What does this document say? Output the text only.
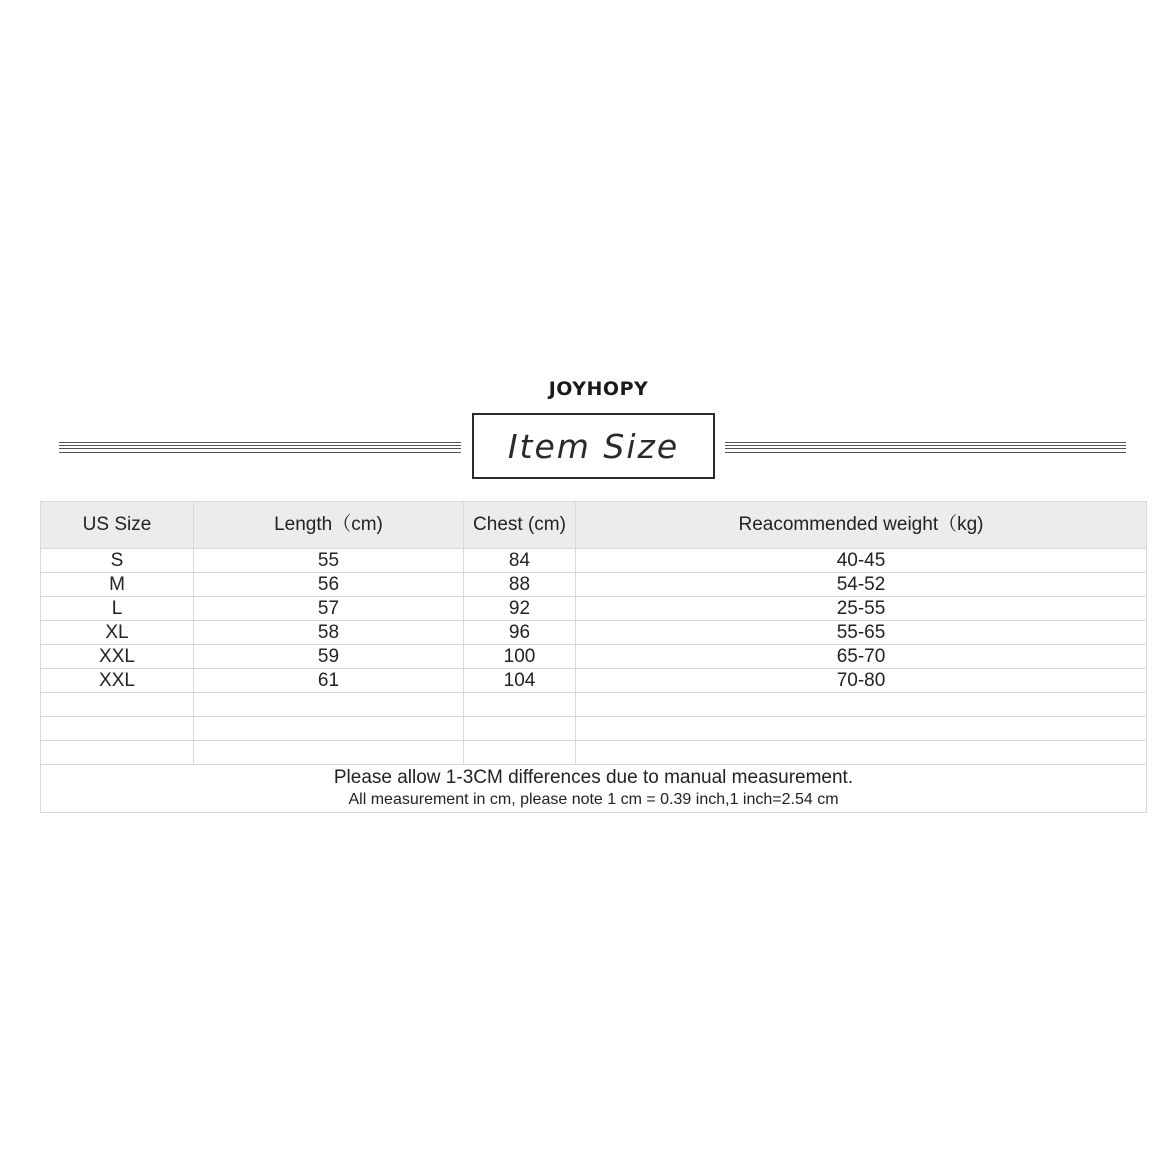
JOYHOPY
Item Size
US Size	Length（cm)	Chest (cm)	Reacommended weight（kg)
S	55	84	40-45
M	56	88	54-52
L	57	92	25-55
XL	58	96	55-65
XXL	59	100	65-70
XXL	61	104	70-80

Please allow 1-3CM differences due to manual measurement.
All measurement in cm, please note 1 cm = 0.39 inch,1 inch=2.54 cm			
